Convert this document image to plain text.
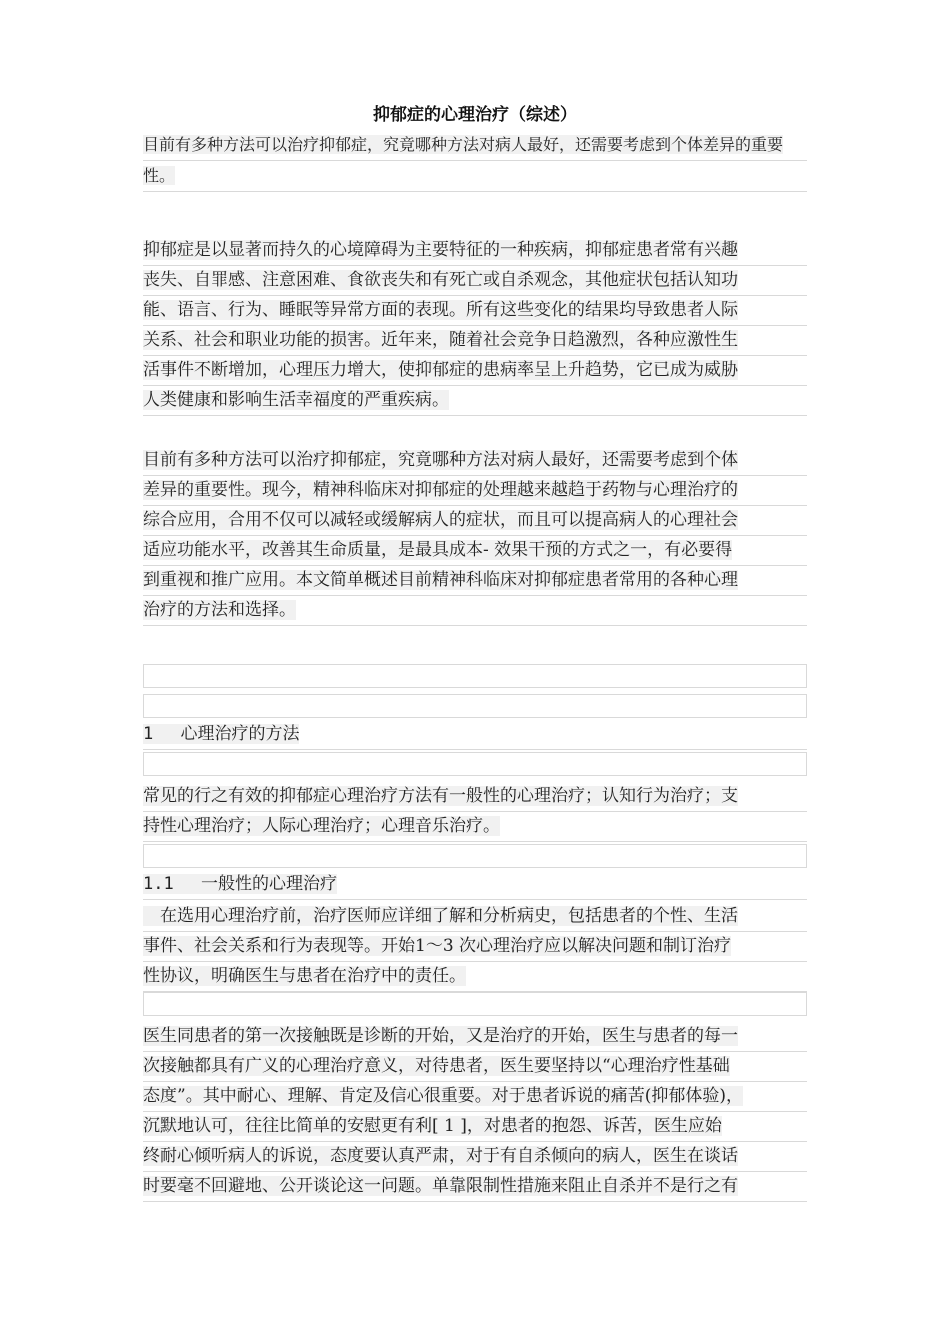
抑郁症的心理治疗（综述）
目前有多种方法可以治疗抑郁症，究竟哪种方法对病人最好，还需要考虑到个体差异的重要
性。
抑郁症是以显著而持久的心境障碍为主要特征的一种疾病，抑郁症患者常有兴趣
丧失、自罪感、注意困难、食欲丧失和有死亡或自杀观念，其他症状包括认知功
能、语言、行为、睡眠等异常方面的表现。所有这些变化的结果均导致患者人际
关系、社会和职业功能的损害。近年来，随着社会竞争日趋激烈，各种应激性生
活事件不断增加，心理压力增大，使抑郁症的患病率呈上升趋势，它已成为威胁
人类健康和影响生活幸福度的严重疾病。
目前有多种方法可以治疗抑郁症，究竟哪种方法对病人最好，还需要考虑到个体
差异的重要性。现今，精神科临床对抑郁症的处理越来越趋于药物与心理治疗的
综合应用，合用不仅可以减轻或缓解病人的症状，而且可以提高病人的心理社会
适应功能水平，改善其生命质量，是最具成本- 效果干预的方式之一，有必要得
到重视和推广应用。本文简单概述目前精神科临床对抑郁症患者常用的各种心理
治疗的方法和选择。
1　 心理治疗的方法
常见的行之有效的抑郁症心理治疗方法有一般性的心理治疗；认知行为治疗；支
持性心理治疗；人际心理治疗；心理音乐治疗。
1.1　 一般性的心理治疗
　在选用心理治疗前，治疗医师应详细了解和分析病史，包括患者的个性、生活
事件、社会关系和行为表现等。开始1～3 次心理治疗应以解决问题和制订治疗
性协议，明确医生与患者在治疗中的责任。
医生同患者的第一次接触既是诊断的开始，又是治疗的开始，医生与患者的每一
次接触都具有广义的心理治疗意义，对待患者，医生要坚持以“心理治疗性基础
态度”。其中耐心、理解、肯定及信心很重要。对于患者诉说的痛苦(抑郁体验)，
沉默地认可，往往比简单的安慰更有利[ 1 ]，对患者的抱怨、诉苦，医生应始
终耐心倾听病人的诉说，态度要认真严肃，对于有自杀倾向的病人，医生在谈话
时要毫不回避地、公开谈论这一问题。单靠限制性措施来阻止自杀并不是行之有
